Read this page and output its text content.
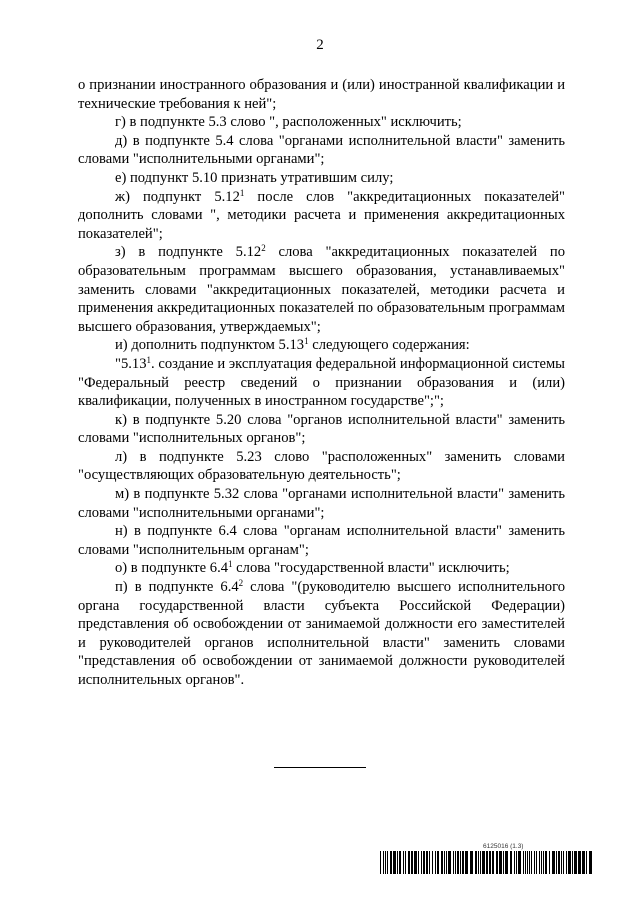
2

о признании иностранного образования и (или) иностранной квалификации и технические требования к ней";

г) в подпункте 5.3 слово ", расположенных" исключить;

д) в подпункте 5.4 слова "органами исполнительной власти" заменить словами "исполнительными органами";

е) подпункт 5.10 признать утратившим силу;

ж) подпункт 5.12$^1$ после слов "аккредитационных показателей" дополнить словами ", методики расчета и применения аккредитационных показателей";

з) в подпункте 5.12$^2$ слова "аккредитационных показателей по образовательным программам высшего образования, устанавливаемых" заменить словами "аккредитационных показателей, методики расчета и применения аккредитационных показателей по образовательным программам высшего образования, утверждаемых";

и) дополнить подпунктом 5.13$^1$ следующего содержания:

"5.13$^1$. создание и эксплуатация федеральной информационной системы "Федеральный реестр сведений о признании образования и (или) квалификации, полученных в иностранном государстве";";

к) в подпункте 5.20 слова "органов исполнительной власти" заменить словами "исполнительных органов";

л) в подпункте 5.23 слово "расположенных" заменить словами "осуществляющих образовательную деятельность";

м) в подпункте 5.32 слова "органами исполнительной власти" заменить словами "исполнительными органами";

н) в подпункте 6.4 слова "органам исполнительной власти" заменить словами "исполнительным органам";

о) в подпункте $6.4^1$ слова "государственной власти" исключить;

п) в подпункте $6.4^2$ слова "(руководителю высшего исполнительного органа государственной власти субъекта Российской Федерации) представления об освобождении от занимаемой должности его заместителей и руководителей органов исполнительной власти" заменить словами "представления об освобождении от занимаемой должности руководителей исполнительных органов".

6125016 (1.3)
